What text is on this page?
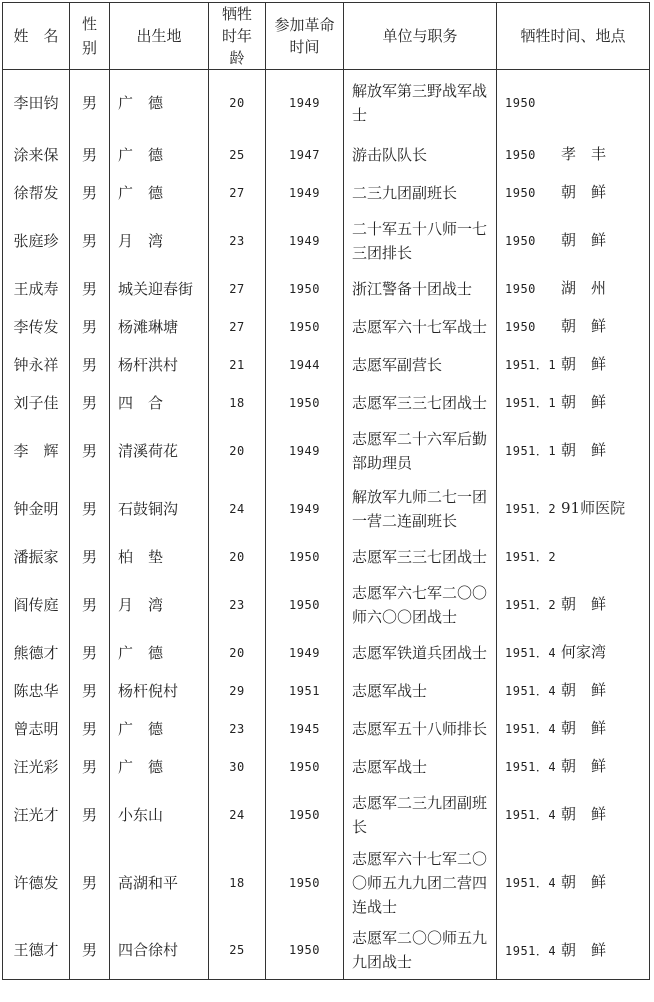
姓　名	性别	出生地	牺牲时年龄	参加革命时间	单位与职务	牺牲时间、地点
李田钧	男	广　德	20	1949	解放军第三野战军战士	1950
涂来保	男	广　德	25	1947	游击队队长	1950 孝　丰
徐帮发	男	广　德	27	1949	二三九团副班长	1950 朝　鲜
张庭珍	男	月　湾	23	1949	二十军五十八师一七三团排长	1950 朝　鲜
王成寿	男	城关迎春街	27	1950	浙江警备十团战士	1950 湖　州
李传发	男	杨滩琳塘	27	1950	志愿军六十七军战士	1950 朝　鲜
钟永祥	男	杨杆洪村	21	1944	志愿军副营长	1951．1 朝　鲜
刘子佳	男	四　合	18	1950	志愿军三三七团战士	1951．1 朝　鲜
李　辉	男	清溪荷花	20	1949	志愿军二十六军后勤部助理员	1951．1 朝　鲜
钟金明	男	石鼓铜沟	24	1949	解放军九师二七一团一营二连副班长	1951．2 91师医院
潘振家	男	柏　垫	20	1950	志愿军三三七团战士	1951．2
阎传庭	男	月　湾	23	1950	志愿军六七军二〇〇师六〇〇团战士	1951．2 朝　鲜
熊德才	男	广　德	20	1949	志愿军铁道兵团战士	1951．4 何家湾
陈忠华	男	杨杆倪村	29	1951	志愿军战士	1951．4 朝　鲜
曾志明	男	广　德	23	1945	志愿军五十八师排长	1951．4 朝　鲜
汪光彩	男	广　德	30	1950	志愿军战士	1951．4 朝　鲜
汪光才	男	小东山	24	1950	志愿军二三九团副班长	1951．4 朝　鲜
许德发	男	高湖和平	18	1950	志愿军六十七军二〇〇师五九九团二营四连战士	1951．4 朝　鲜
王德才	男	四合徐村	25	1950	志愿军二〇〇师五九九团战士	1951．4 朝　鲜
